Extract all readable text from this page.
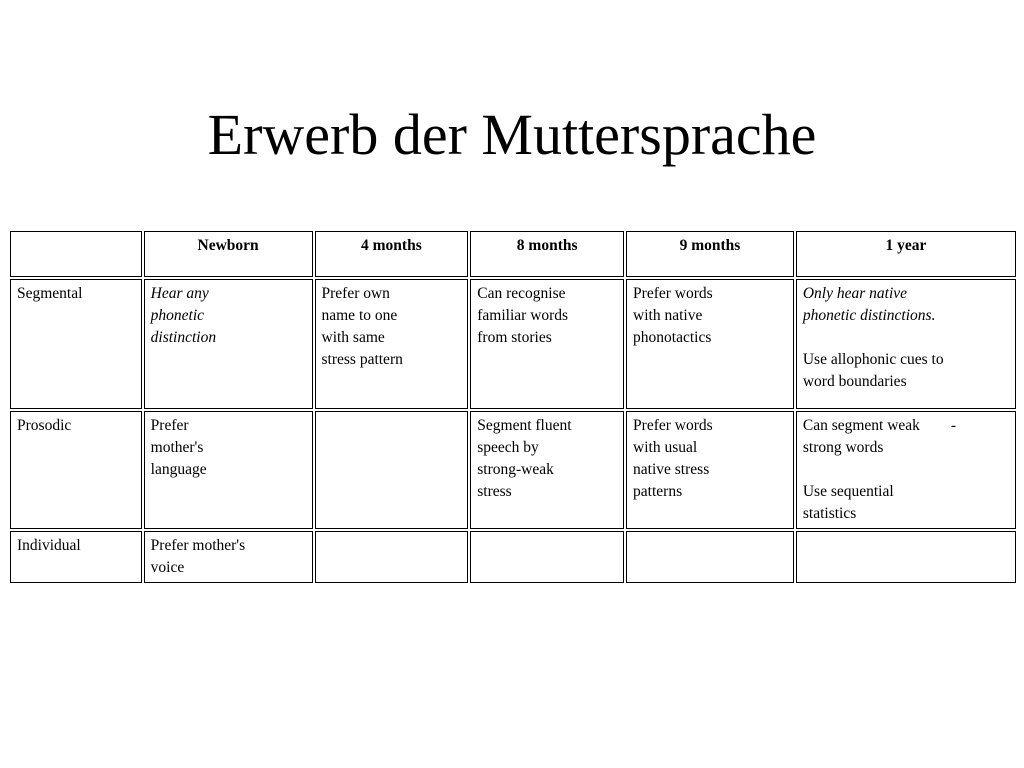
Erwerb der Muttersprache
	Newborn	4 months	8 months	9 months	1 year
Segmental	Hear any
phonetic
distinction	Prefer own
name to one
with same
stress pattern	Can recognise
familiar words
from stories	Prefer words
with native
phonotactics	Only hear native
phonetic distinctions.
Use allophonic cues to
word boundaries
Prosodic	Prefer
mother's
language		Segment fluent
speech by
strong-weak
stress	Prefer words
with usual
native stress
patterns	Can segment weak        -
strong words
Use sequential
statistics
Individual	Prefer mother's
voice				
